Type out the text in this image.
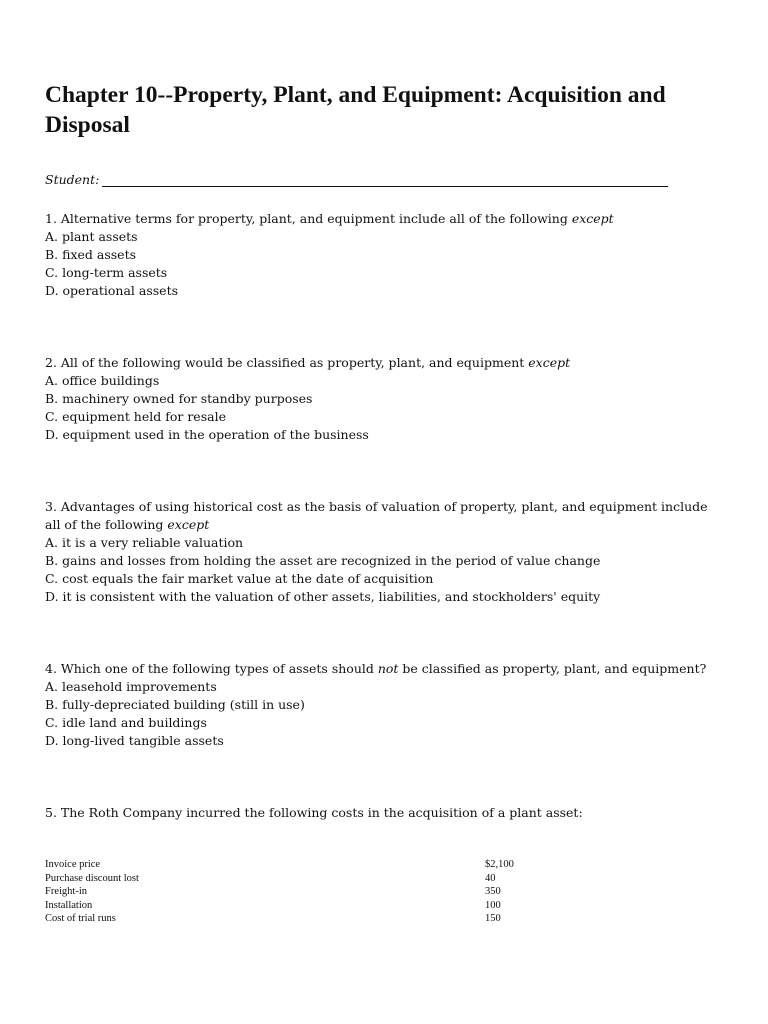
Chapter 10--Property, Plant, and Equipment: Acquisition and Disposal
Student:
1. Alternative terms for property, plant, and equipment include all of the following except
A. plant assets
B. fixed assets
C. long-term assets
D. operational assets
2. All of the following would be classified as property, plant, and equipment except
A. office buildings
B. machinery owned for standby purposes
C. equipment held for resale
D. equipment used in the operation of the business
3. Advantages of using historical cost as the basis of valuation of property, plant, and equipment include all of the following except
A. it is a very reliable valuation
B. gains and losses from holding the asset are recognized in the period of value change
C. cost equals the fair market value at the date of acquisition
D. it is consistent with the valuation of other assets, liabilities, and stockholders' equity
4. Which one of the following types of assets should not be classified as property, plant, and equipment?
A. leasehold improvements
B. fully-depreciated building (still in use)
C. idle land and buildings
D. long-lived tangible assets
5. The Roth Company incurred the following costs in the acquisition of a plant asset:
Invoice price	$2,100
Purchase discount lost	40
Freight-in	350
Installation	100
Cost of trial runs	150
